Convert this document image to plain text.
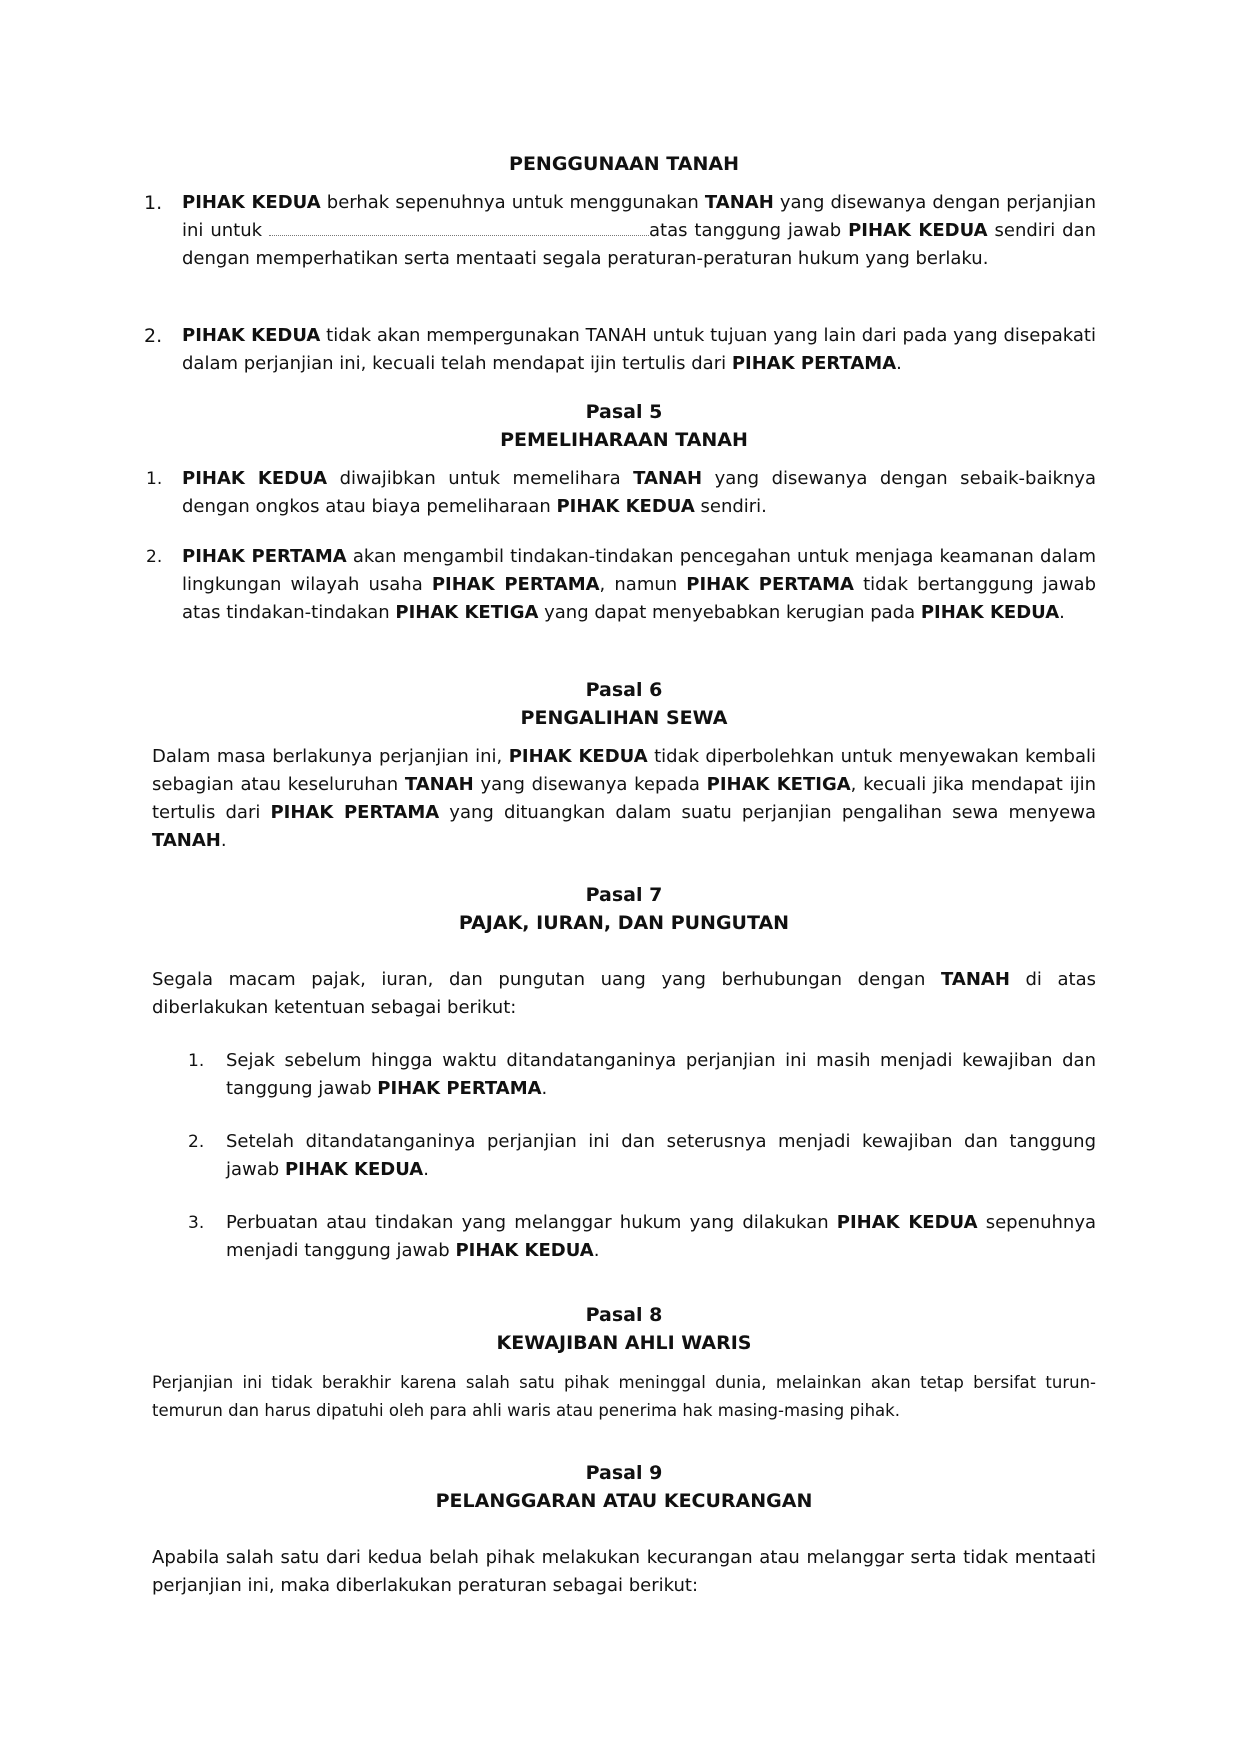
PENGGUNAAN TANAH
1. PIHAK KEDUA berhak sepenuhnya untuk menggunakan TANAH yang disewanya dengan perjanjian ini untuk	atas tanggung jawab PIHAK KEDUA sendiri dan dengan memperhatikan serta mentaati segala peraturan-peraturan hukum yang berlaku.
2. PIHAK KEDUA tidak akan mempergunakan TANAH untuk tujuan yang lain dari pada yang disepakati dalam perjanjian ini, kecuali telah mendapat ijin tertulis dari PIHAK PERTAMA.
Pasal 5
PEMELIHARAAN TANAH
1. PIHAK KEDUA diwajibkan untuk memelihara TANAH yang disewanya dengan sebaik-baiknya dengan ongkos atau biaya pemeliharaan PIHAK KEDUA sendiri.
2. PIHAK PERTAMA akan mengambil tindakan-tindakan pencegahan untuk menjaga keamanan dalam lingkungan wilayah usaha PIHAK PERTAMA, namun PIHAK PERTAMA tidak bertanggung jawab atas tindakan-tindakan PIHAK KETIGA yang dapat menyebabkan kerugian pada PIHAK KEDUA.
Pasal 6
PENGALIHAN SEWA
Dalam masa berlakunya perjanjian ini, PIHAK KEDUA tidak diperbolehkan untuk menyewakan kembali sebagian atau keseluruhan TANAH yang disewanya kepada PIHAK KETIGA, kecuali jika mendapat ijin tertulis dari PIHAK PERTAMA yang dituangkan dalam suatu perjanjian pengalihan sewa menyewa TANAH.
Pasal 7
PAJAK, IURAN, DAN PUNGUTAN
Segala macam pajak, iuran, dan pungutan uang yang berhubungan dengan TANAH di atas diberlakukan ketentuan sebagai berikut:
1. Sejak sebelum hingga waktu ditandatanganinya perjanjian ini masih menjadi kewajiban dan tanggung jawab PIHAK PERTAMA.
2. Setelah ditandatanganinya perjanjian ini dan seterusnya menjadi kewajiban dan tanggung jawab PIHAK KEDUA.
3. Perbuatan atau tindakan yang melanggar hukum yang dilakukan PIHAK KEDUA sepenuhnya menjadi tanggung jawab PIHAK KEDUA.
Pasal 8
KEWAJIBAN AHLI WARIS
Perjanjian ini tidak berakhir karena salah satu pihak meninggal dunia, melainkan akan tetap bersifat turun-temurun dan harus dipatuhi oleh para ahli waris atau penerima hak masing-masing pihak.
Pasal 9
PELANGGARAN ATAU KECURANGAN
Apabila salah satu dari kedua belah pihak melakukan kecurangan atau melanggar serta tidak mentaati perjanjian ini, maka diberlakukan peraturan sebagai berikut:
